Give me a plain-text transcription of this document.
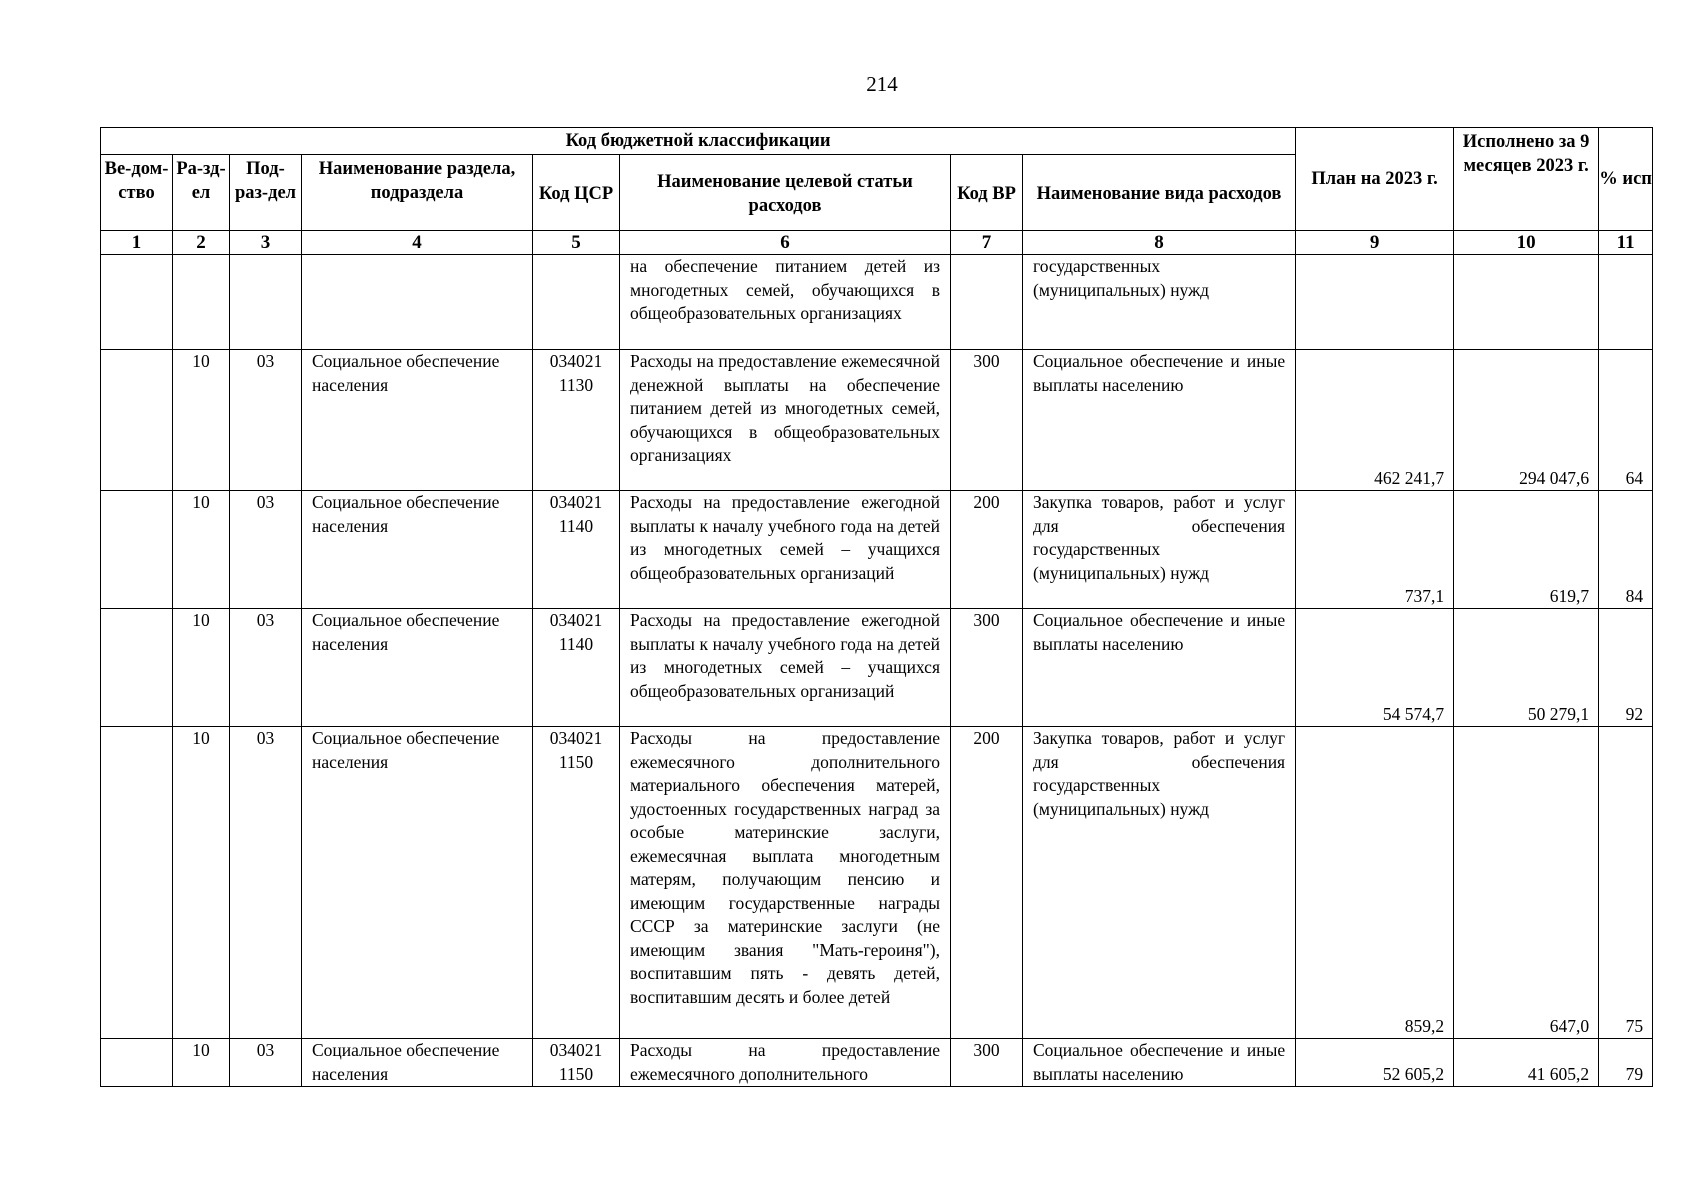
214
Код бюджетной классификации								План на 2023 г.	Исполнено за 9 месяцев 2023 г.	% исп
Ве-дом-ство	Ра-зд-ел	Под-раз-дел	Наименование раздела, подраздела	Код ЦСР	Наименование целевой статьи расходов	Код ВР	Наименование вида расходов			
1	2	3	4	5	6	7	8	9	10	11
					на обеспечение питанием детей из многодетных семей, обучающихся в общеобразовательных организациях		государственных (муниципальных) нужд			
	10	03	Социальное обеспечение населения	034021 1130	Расходы на предоставление ежемесячной денежной выплаты на обеспечение питанием детей из многодетных семей, обучающихся в общеобразовательных организациях	300	Социальное обеспечение и иные выплаты населению	462 241,7	294 047,6	64
	10	03	Социальное обеспечение населения	034021 1140	Расходы на предоставление ежегодной выплаты к началу учебного года на детей из многодетных семей – учащихся общеобразовательных организаций	200	Закупка товаров, работ и услуг для обеспечения государственных (муниципальных) нужд	737,1	619,7	84
	10	03	Социальное обеспечение населения	034021 1140	Расходы на предоставление ежегодной выплаты к началу учебного года на детей из многодетных семей – учащихся общеобразовательных организаций	300	Социальное обеспечение и иные выплаты населению	54 574,7	50 279,1	92
	10	03	Социальное обеспечение населения	034021 1150	Расходы на предоставление ежемесячного дополнительного материального обеспечения матерей, удостоенных государственных наград за особые материнские заслуги, ежемесячная выплата многодетным матерям, получающим пенсию и имеющим государственные награды СССР за материнские заслуги (не имеющим звания "Мать-героиня"), воспитавшим пять - девять детей, воспитавшим десять и более детей	200	Закупка товаров, работ и услуг для обеспечения государственных (муниципальных) нужд	859,2	647,0	75
	10	03	Социальное обеспечение населения	034021 1150	Расходы на предоставление ежемесячного дополнительного	300	Социальное обеспечение и иные выплаты населению	52 605,2	41 605,2	79
